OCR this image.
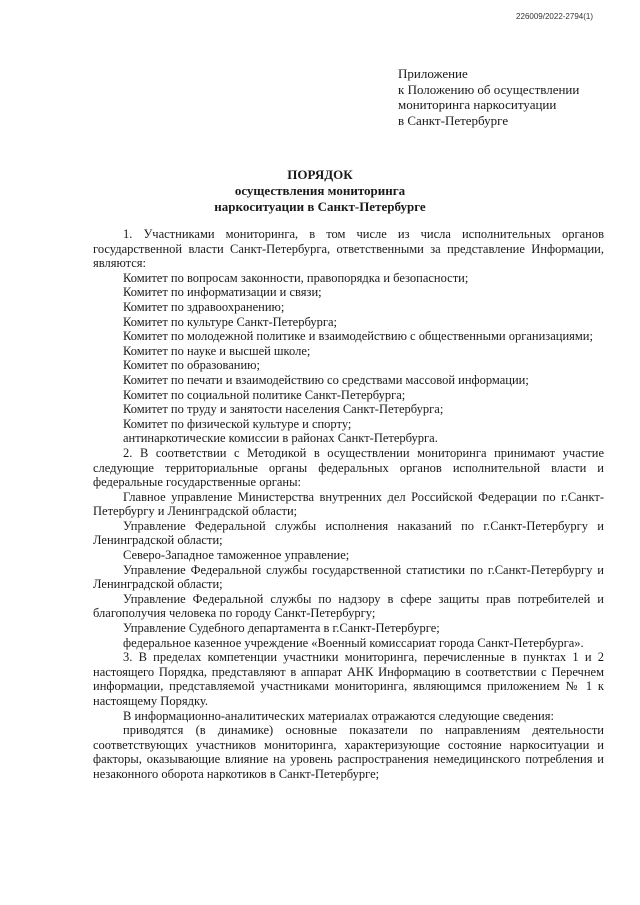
226009/2022-2794(1)
Приложение
к Положению об осуществлении
мониторинга наркоситуации
в Санкт-Петербурге
ПОРЯДОК
осуществления мониторинга
наркоситуации в Санкт-Петербурге
1. Участниками мониторинга, в том числе из числа исполнительных органов государственной власти Санкт-Петербурга, ответственными за представление Информации, являются:
Комитет по вопросам законности, правопорядка и безопасности;
Комитет по информатизации и связи;
Комитет по здравоохранению;
Комитет по культуре Санкт-Петербурга;
Комитет по молодежной политике и взаимодействию с общественными организациями;
Комитет по науке и высшей школе;
Комитет по образованию;
Комитет по печати и взаимодействию со средствами массовой информации;
Комитет по социальной политике Санкт-Петербурга;
Комитет по труду и занятости населения Санкт-Петербурга;
Комитет по физической культуре и спорту;
антинаркотические комиссии в районах Санкт-Петербурга.
2. В соответствии с Методикой в осуществлении мониторинга принимают участие следующие территориальные органы федеральных органов исполнительной власти и федеральные государственные органы:
Главное управление Министерства внутренних дел Российской Федерации по г.Санкт-Петербургу и Ленинградской области;
Управление Федеральной службы исполнения наказаний по г.Санкт-Петербургу и Ленинградской области;
Северо-Западное таможенное управление;
Управление Федеральной службы государственной статистики по г.Санкт-Петербургу и Ленинградской области;
Управление Федеральной службы по надзору в сфере защиты прав потребителей и благополучия человека по городу Санкт-Петербургу;
Управление Судебного департамента в г.Санкт-Петербурге;
федеральное казенное учреждение «Военный комиссариат города Санкт-Петербурга».
3. В пределах компетенции участники мониторинга, перечисленные в пунктах 1 и 2 настоящего Порядка, представляют в аппарат АНК Информацию в соответствии с Перечнем информации, представляемой участниками мониторинга, являющимся приложением № 1 к настоящему Порядку.
В информационно-аналитических материалах отражаются следующие сведения:
приводятся (в динамике) основные показатели по направлениям деятельности соответствующих участников мониторинга, характеризующие состояние наркоситуации и факторы, оказывающие влияние на уровень распространения немедицинского потребления и незаконного оборота наркотиков в Санкт-Петербурге;
